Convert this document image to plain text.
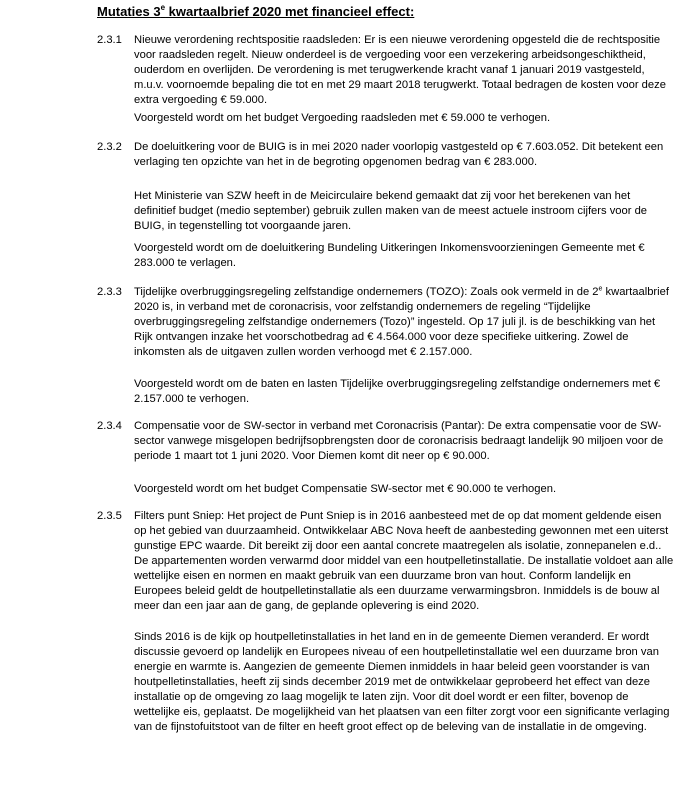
Mutaties 3e kwartaalbrief 2020 met financieel effect:
2.3.1 Nieuwe verordening rechtspositie raadsleden: Er is een nieuwe verordening opgesteld die de rechtspositie voor raadsleden regelt. Nieuw onderdeel is de vergoeding voor een verzekering arbeidsongeschiktheid, ouderdom en overlijden. De verordening is met terugwerkende kracht vanaf 1 januari 2019 vastgesteld, m.u.v. voornoemde bepaling die tot en met 29 maart 2018 terugwerkt. Totaal bedragen de kosten voor deze extra vergoeding € 59.000.

Voorgesteld wordt om het budget Vergoeding raadsleden met € 59.000 te verhogen.

2.3.2 De doeluitkering voor de BUIG is in mei 2020 nader voorlopig vastgesteld op € 7.603.052. Dit betekent een verlaging ten opzichte van het in de begroting opgenomen bedrag van € 283.000.

Het Ministerie van SZW heeft in de Meicirculaire bekend gemaakt dat zij voor het berekenen van het definitief budget (medio september) gebruik zullen maken van de meest actuele instroom cijfers voor de BUIG, in tegenstelling tot voorgaande jaren.

Voorgesteld wordt om de doeluitkering Bundeling Uitkeringen Inkomensvoorzieningen Gemeente met € 283.000 te verlagen.

2.3.3 Tijdelijke overbruggingsregeling zelfstandige ondernemers (TOZO): Zoals ook vermeld in de 2e kwartaalbrief 2020 is, in verband met de coronacrisis, voor zelfstandig ondernemers de regeling “Tijdelijke overbruggingsregeling zelfstandige ondernemers (Tozo)” ingesteld. Op 17 juli jl. is de beschikking van het Rijk ontvangen inzake het voorschotbedrag ad € 4.564.000 voor deze specifieke uitkering. Zowel de inkomsten als de uitgaven zullen worden verhoogd met € 2.157.000.

Voorgesteld wordt om de baten en lasten Tijdelijke overbruggingsregeling zelfstandige ondernemers met € 2.157.000 te verhogen.

2.3.4 Compensatie voor de SW-sector in verband met Coronacrisis (Pantar): De extra compensatie voor de SW-sector vanwege misgelopen bedrijfsopbrengsten door de coronacrisis bedraagt landelijk 90 miljoen voor de periode 1 maart tot 1 juni 2020. Voor Diemen komt dit neer op € 90.000.

Voorgesteld wordt om het budget Compensatie SW-sector met € 90.000 te verhogen.

2.3.5 Filters punt Sniep: Het project de Punt Sniep is in 2016 aanbesteed met de op dat moment geldende eisen op het gebied van duurzaamheid. Ontwikkelaar ABC Nova heeft de aanbesteding gewonnen met een uiterst gunstige EPC waarde. Dit bereikt zij door een aantal concrete maatregelen als isolatie, zonnepanelen e.d.. De appartementen worden verwarmd door middel van een houtpelletinstallatie. De installatie voldoet aan alle wettelijke eisen en normen en maakt gebruik van een duurzame bron van hout. Conform landelijk en Europees beleid geldt de houtpelletinstallatie als een duurzame verwarmingsbron. Inmiddels is de bouw al meer dan een jaar aan de gang, de geplande oplevering is eind 2020.

Sinds 2016 is de kijk op houtpelletinstallaties in het land en in de gemeente Diemen veranderd. Er wordt discussie gevoerd op landelijk en Europees niveau of een houtpelletinstallatie wel een duurzame bron van energie en warmte is. Aangezien de gemeente Diemen inmiddels in haar beleid geen voorstander is van houtpelletinstallaties, heeft zij sinds december 2019 met de ontwikkelaar geprobeerd het effect van deze installatie op de omgeving zo laag mogelijk te laten zijn. Voor dit doel wordt er een filter, bovenop de wettelijke eis, geplaatst. De mogelijkheid van het plaatsen van een filter zorgt voor een significante verlaging van de fijnstofuitstoot van de filter en heeft groot effect op de beleving van de installatie in de omgeving.
